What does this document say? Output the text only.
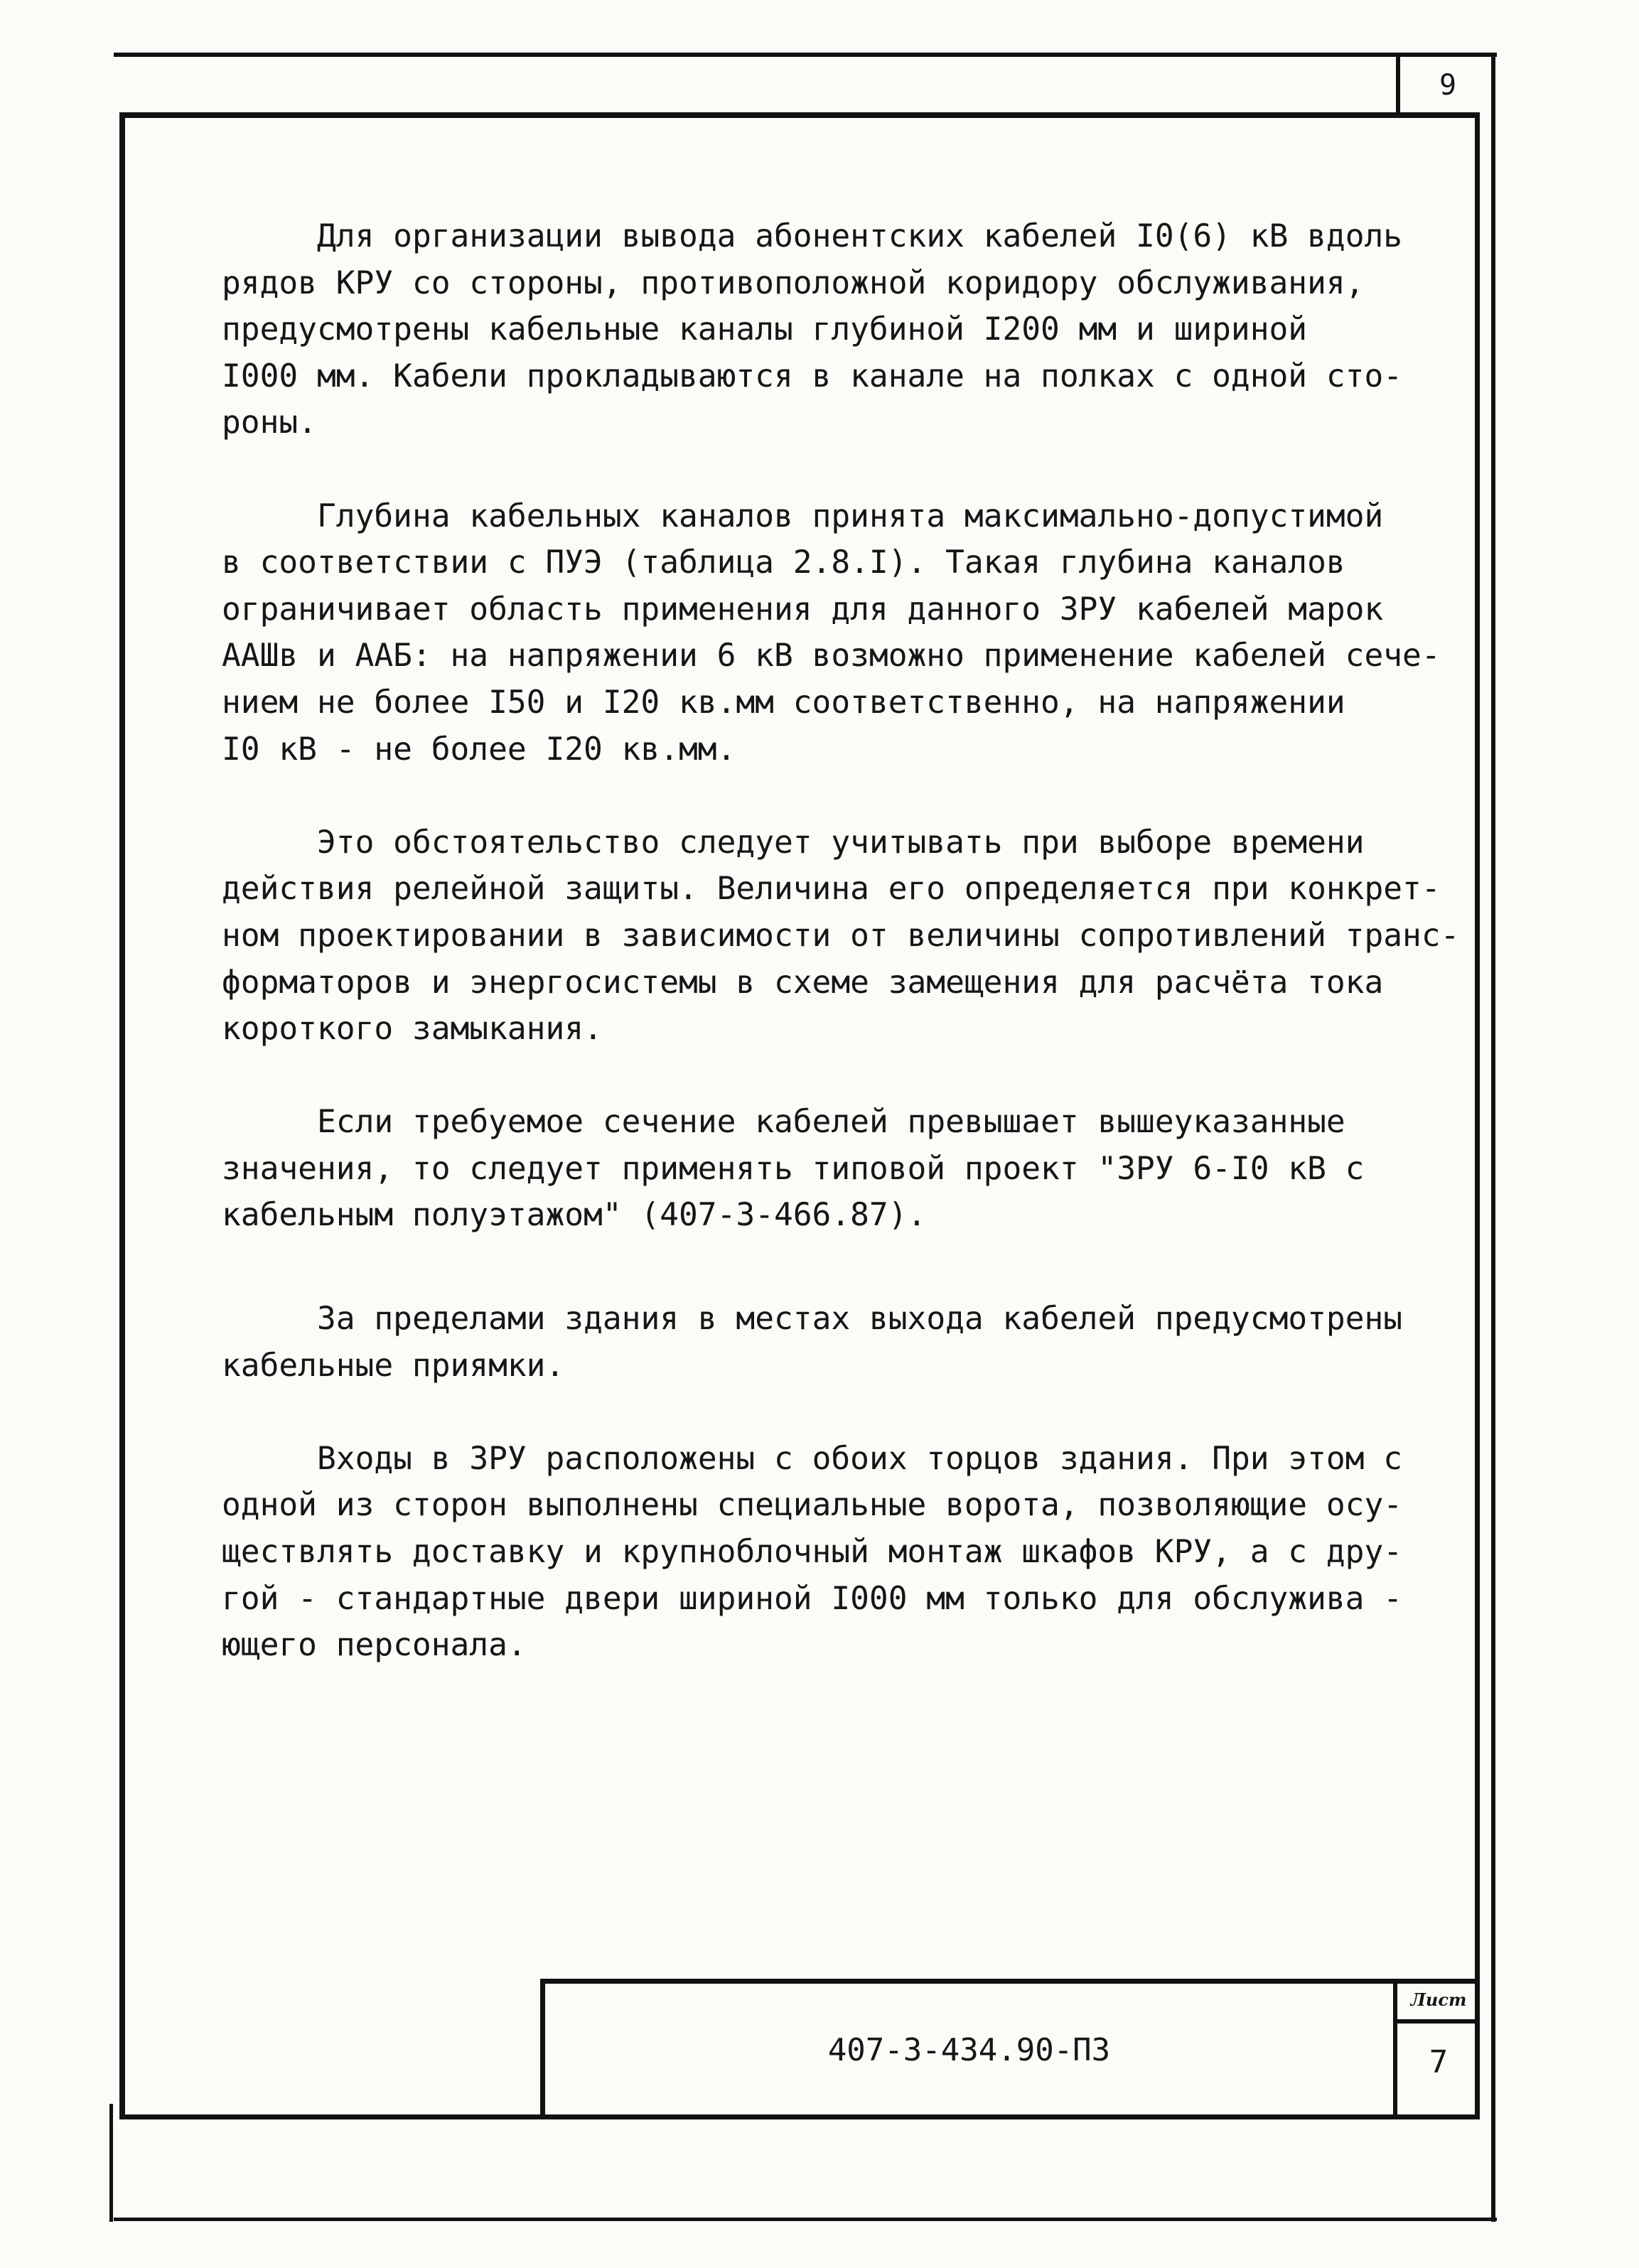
9
Для организации вывода абонентских кабелей I0(6) кВ вдоль
рядов КРУ со стороны, противоположной коридору обслуживания,
предусмотрены кабельные каналы глубиной I200 мм и шириной
I000 мм. Кабели прокладываются в канале на полках с одной сто-
роны.
Глубина кабельных каналов принята максимально-допустимой
в соответствии с ПУЭ (таблица 2.8.I). Такая глубина каналов
ограничивает область применения для данного ЗРУ кабелей марок
ААШв и ААБ: на напряжении 6 кВ возможно применение кабелей сече-
нием не более I50 и I20 кв.мм соответственно, на напряжении
I0 кВ - не более I20 кв.мм.
Это обстоятельство следует учитывать при выборе времени
действия релейной защиты. Величина его определяется при конкрет-
ном проектировании в зависимости от величины сопротивлений транс-
форматоров и энергосистемы в схеме замещения для расчёта тока
короткого замыкания.
Если требуемое сечение кабелей превышает вышеуказанные
значения, то следует применять типовой проект "ЗРУ 6-I0 кВ с
кабельным полуэтажом" (407-3-466.87).
За пределами здания в местах выхода кабелей предусмотрены
кабельные приямки.
Входы в ЗРУ расположены с обоих торцов здания. При этом с
одной из сторон выполнены специальные ворота, позволяющие осу-
ществлять доставку и крупноблочный монтаж шкафов КРУ, а с дру-
гой - стандартные двери шириной I000 мм только для обслужива -
ющего персонала.
407-3-434.90-ПЗ
Лист
7
